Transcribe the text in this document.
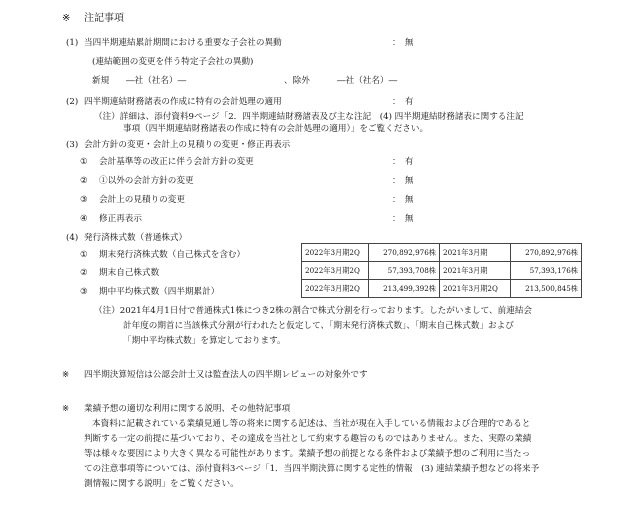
※ 注記事項
(1) 当四半期連結累計期間における重要な子会社の異動	：　無
(連結範囲の変更を伴う特定子会社の異動)
新規 ―社（社名）―	、除外	―社（社名）―
(2) 四半期連結財務諸表の作成に特有の会計処理の適用	：　有
（注）詳細は、添付資料9ページ「2．四半期連結財務諸表及び主な注記　(4) 四半期連結財務諸表に関する注記
事項（四半期連結財務諸表の作成に特有の会計処理の適用）」をご覧ください。
(3) 会計方針の変更・会計上の見積りの変更・修正再表示
① 会計基準等の改正に伴う会計方針の変更	：　有
② ①以外の会計方針の変更	：　無
③ 会計上の見積りの変更	：　無
④ 修正再表示	：　無
(4) 発行済株式数（普通株式）
① 期末発行済株式数（自己株式を含む）
② 期末自己株式数
③ 期中平均株式数（四半期累計）
2022年3月期2Q	270,892,976株	2021年3月期	270,892,976株
2022年3月期2Q	57,393,708株	2021年3月期	57,393,176株
2022年3月期2Q	213,499,392株	2021年3月期2Q	213,500,845株
（注）2021年4月1日付で普通株式1株につき2株の割合で株式分割を行っております。したがいまして、前連結会
計年度の期首に当該株式分割が行われたと仮定して、「期末発行済株式数」、「期末自己株式数」および
「期中平均株式数」を算定しております。
※ 四半期決算短信は公認会計士又は監査法人の四半期レビューの対象外です
※ 業績予想の適切な利用に関する説明、その他特記事項
本資料に記載されている業績見通し等の将来に関する記述は、当社が現在入手している情報および合理的であると
判断する一定の前提に基づいており、その達成を当社として約束する趣旨のものではありません。また、実際の業績
等は様々な要因により大きく異なる可能性があります。業績予想の前提となる条件および業績予想のご利用に当たっ
ての注意事項等については、添付資料3ページ「1．当四半期決算に関する定性的情報　(3) 連結業績予想などの将来予
測情報に関する説明」をご覧ください。
